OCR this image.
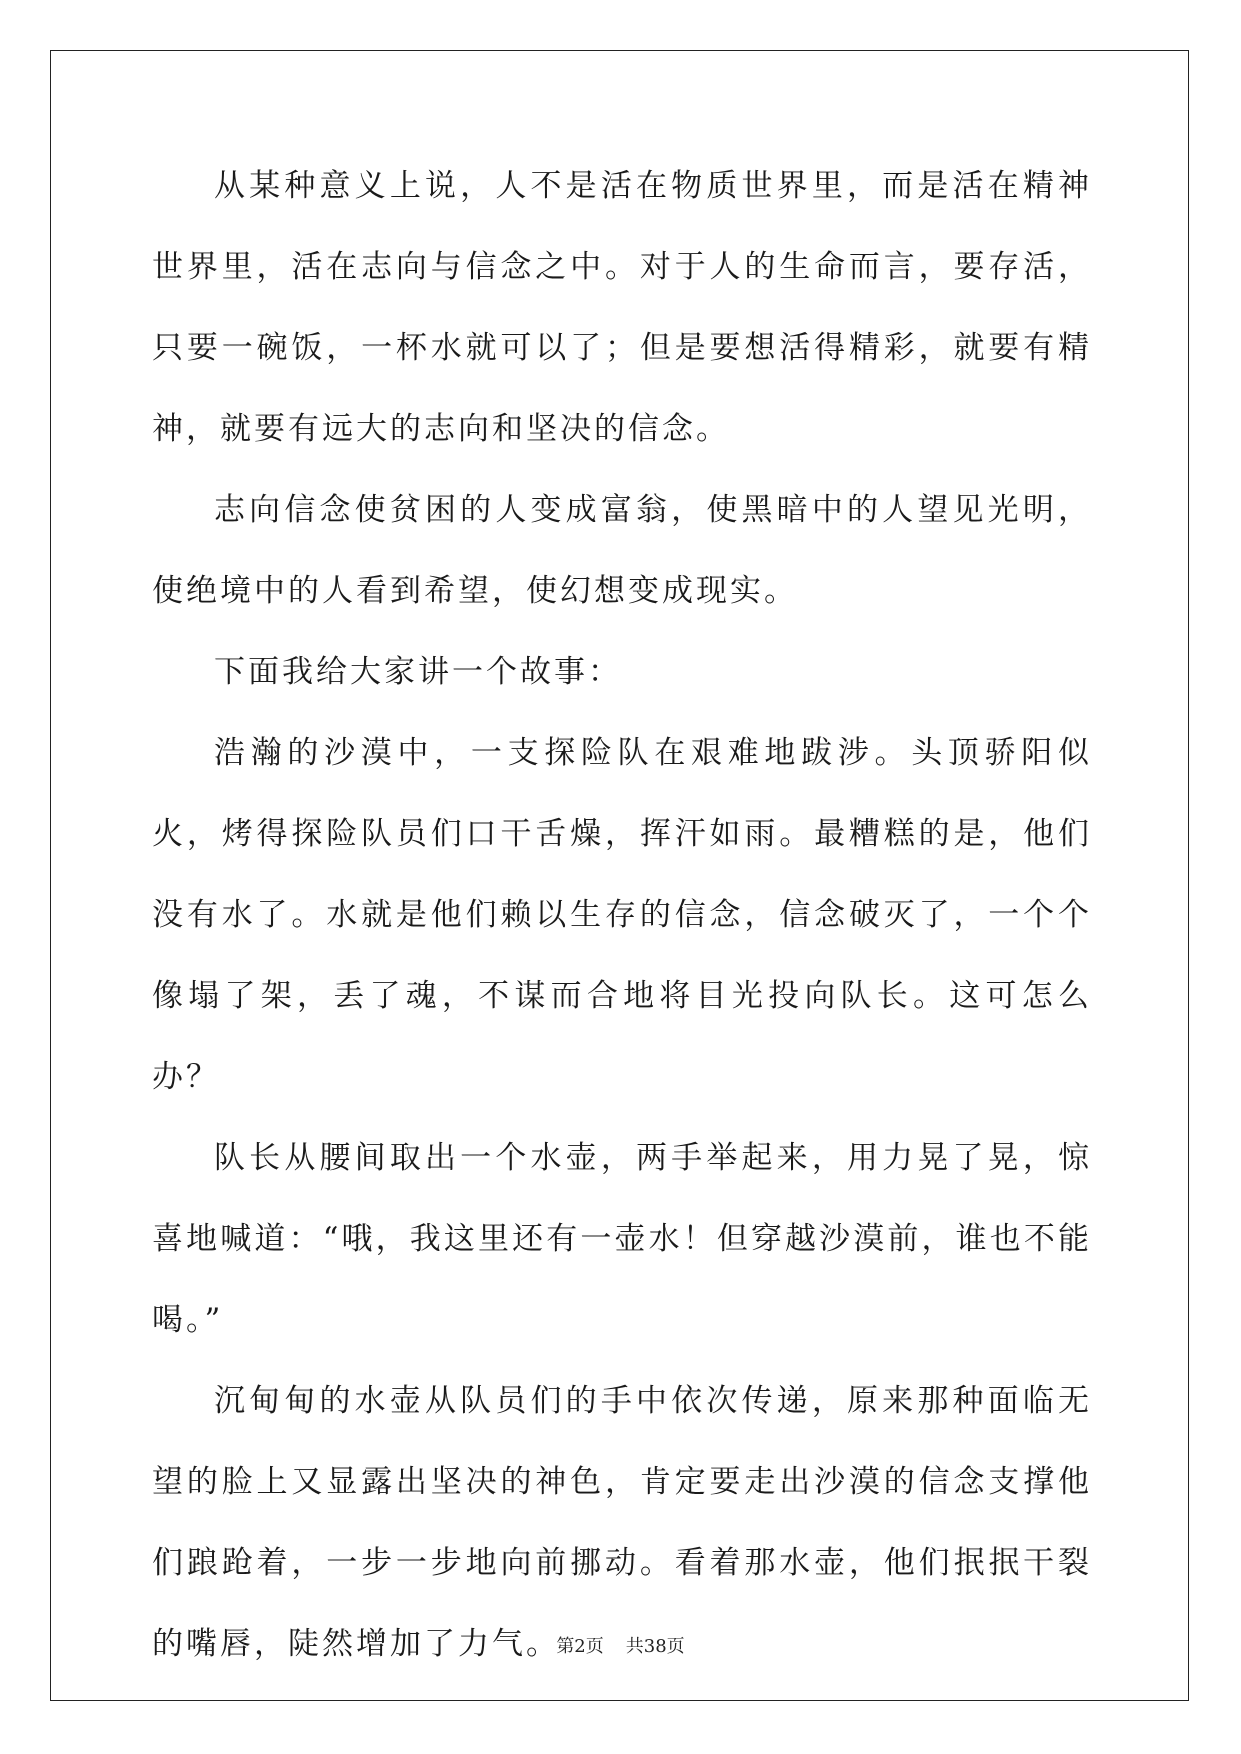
从某种意义上说，人不是活在物质世界里，而是活在精神世界里，活在志向与信念之中。对于人的生命而言，要存活，只要一碗饭，一杯水就可以了；但是要想活得精彩，就要有精神，就要有远大的志向和坚决的信念。

志向信念使贫困的人变成富翁，使黑暗中的人望见光明，使绝境中的人看到希望，使幻想变成现实。

下面我给大家讲一个故事：

浩瀚的沙漠中，一支探险队在艰难地跋涉。头顶骄阳似火，烤得探险队员们口干舌燥，挥汗如雨。最糟糕的是，他们没有水了。水就是他们赖以生存的信念，信念破灭了，一个个像塌了架，丢了魂，不谋而合地将目光投向队长。这可怎么办？

队长从腰间取出一个水壶，两手举起来，用力晃了晃，惊喜地喊道：“哦，我这里还有一壶水！但穿越沙漠前，谁也不能喝。”

沉甸甸的水壶从队员们的手中依次传递，原来那种面临无望的脸上又显露出坚决的神色，肯定要走出沙漠的信念支撑他们踉跄着，一步一步地向前挪动。看着那水壶，他们抿抿干裂的嘴唇，陡然增加了力气。

第2页 共38页
